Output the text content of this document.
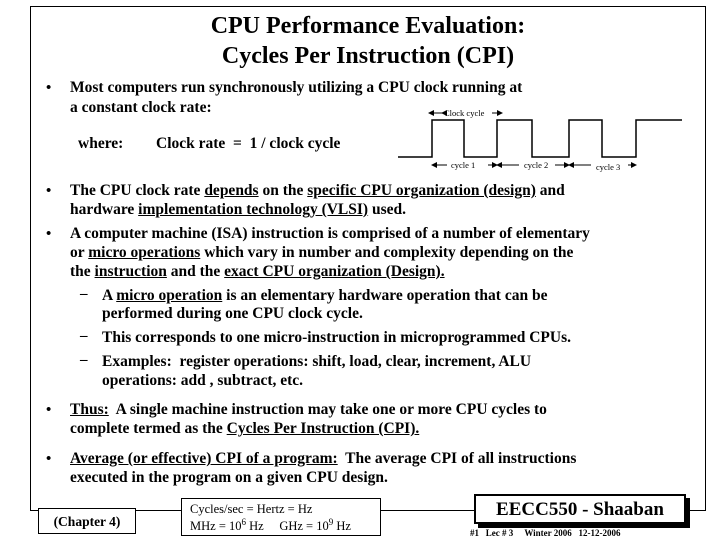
CPU Performance Evaluation:
Cycles Per Instruction (CPI)
• Most computers run synchronously utilizing a CPU clock running at
a constant clock rate:
where: Clock rate  =  1 / clock cycle
Clock cycle
cycle 1	cycle 2	cycle 3
• The CPU clock rate depends on the specific CPU organization (design) and
hardware implementation technology (VLSI) used.
• A computer machine (ISA) instruction is comprised of a number of elementary
or micro operations which vary in number and complexity depending on the
the instruction and the exact CPU organization (Design).
– A micro operation is an elementary hardware operation that can be
performed during one CPU clock cycle.
– This corresponds to one micro-instruction in microprogrammed CPUs.
– Examples:  register operations: shift, load, clear, increment, ALU
operations: add , subtract, etc.
• Thus:  A single machine instruction may take one or more CPU cycles to
complete termed as the Cycles Per Instruction (CPI).
• Average (or effective) CPI of a program:  The average CPI of all instructions
executed in the program on a given CPU design.
(Chapter 4)
Cycles/sec = Hertz = Hz
MHz = $10^6$ Hz GHz = $10^9$ Hz
EECC550 - Shaaban
#1   Lec # 3     Winter 2006   12-12-2006
